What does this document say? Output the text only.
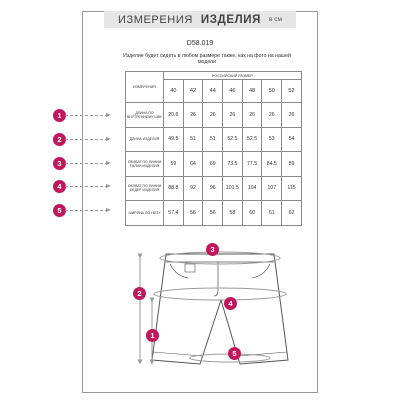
ИЗМЕРЕНИЯ ИЗДЕЛИЯ в см
D58.019
Изделие будет сидеть в любом размере также, как на фото на нашей модели
ИЗМЕРЕНИЯ	РОССИЙСКИЙ РАЗМЕР						
	40	42	44	46	48	50	52
ДЛИНА ПО ВНУТРЕННЕМУ ШВУ	20.6	26	26	26	26	26	26
ДЛИНА ИЗДЕЛИЯ	49.5	51	51	52.5	52.5	53	54
ОБХВАТ ПО ЛИНИИ ТАЛИИ ИЗДЕЛИЯ	59	64	69	73.5	77.5	84.5	89
ОБХВАТ ПО ЛИНИИ БЕДЕР ИЗДЕЛИЯ	88.8	92	96	101.5	104	107	115
ШИРИНА ПО НИЗУ	57.4	56	56	58	60	61	62
1
2
3
4
5
1
2
3
4
5
